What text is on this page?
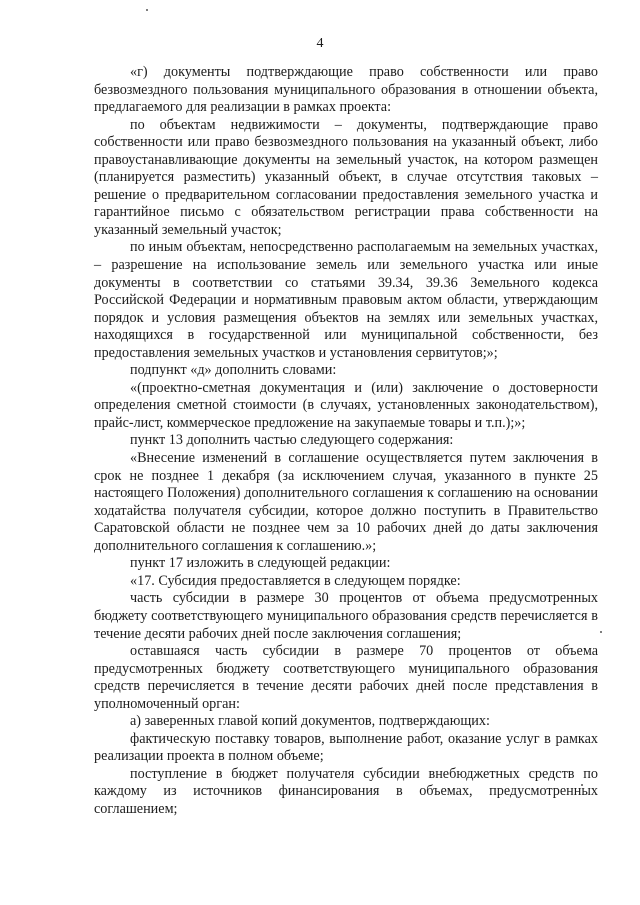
4

«г) документы подтверждающие право собственности или право безвозмездного пользования муниципального образования в отношении объекта, предлагаемого для реализации в рамках проекта:

по объектам недвижимости – документы, подтверждающие право собственности или право безвозмездного пользования на указанный объект, либо правоустанавливающие документы на земельный участок, на котором размещен (планируется разместить) указанный объект, в случае отсутствия таковых – решение о предварительном согласовании предоставления земельного участка и гарантийное письмо с обязательством регистрации права собственности на указанный земельный участок;

по иным объектам, непосредственно располагаемым на земельных участках, – разрешение на использование земель или земельного участка или иные документы в соответствии со статьями 39.34, 39.36 Земельного кодекса Российской Федерации и нормативным правовым актом области, утверждающим порядок и условия размещения объектов на землях или земельных участках, находящихся в государственной или муниципальной собственности, без предоставления земельных участков и установления сервитутов;»;

подпункт «д» дополнить словами:

«(проектно-сметная документация и (или) заключение о достоверности определения сметной стоимости (в случаях, установленных законодательством), прайс-лист, коммерческое предложение на закупаемые товары и т.п.);»;

пункт 13 дополнить частью следующего содержания:

«Внесение изменений в соглашение осуществляется путем заключения в срок не позднее 1 декабря (за исключением случая, указанного в пункте 25 настоящего Положения) дополнительного соглашения к соглашению на основании ходатайства получателя субсидии, которое должно поступить в Правительство Саратовской области не позднее чем за 10 рабочих дней до даты заключения дополнительного соглашения к соглашению.»;

пункт 17 изложить в следующей редакции:

«17. Субсидия предоставляется в следующем порядке:

часть субсидии в размере 30 процентов от объема предусмотренных бюджету соответствующего муниципального образования средств перечисляется в течение десяти рабочих дней после заключения соглашения;

оставшаяся часть субсидии в размере 70 процентов от объема предусмотренных бюджету соответствующего муниципального образования средств перечисляется в течение десяти рабочих дней после представления в уполномоченный орган:

а) заверенных главой копий документов, подтверждающих:

фактическую поставку товаров, выполнение работ, оказание услуг в рамках реализации проекта в полном объеме;

поступление в бюджет получателя субсидии внебюджетных средств по каждому из источников финансирования в объемах, предусмотренных соглашением;
